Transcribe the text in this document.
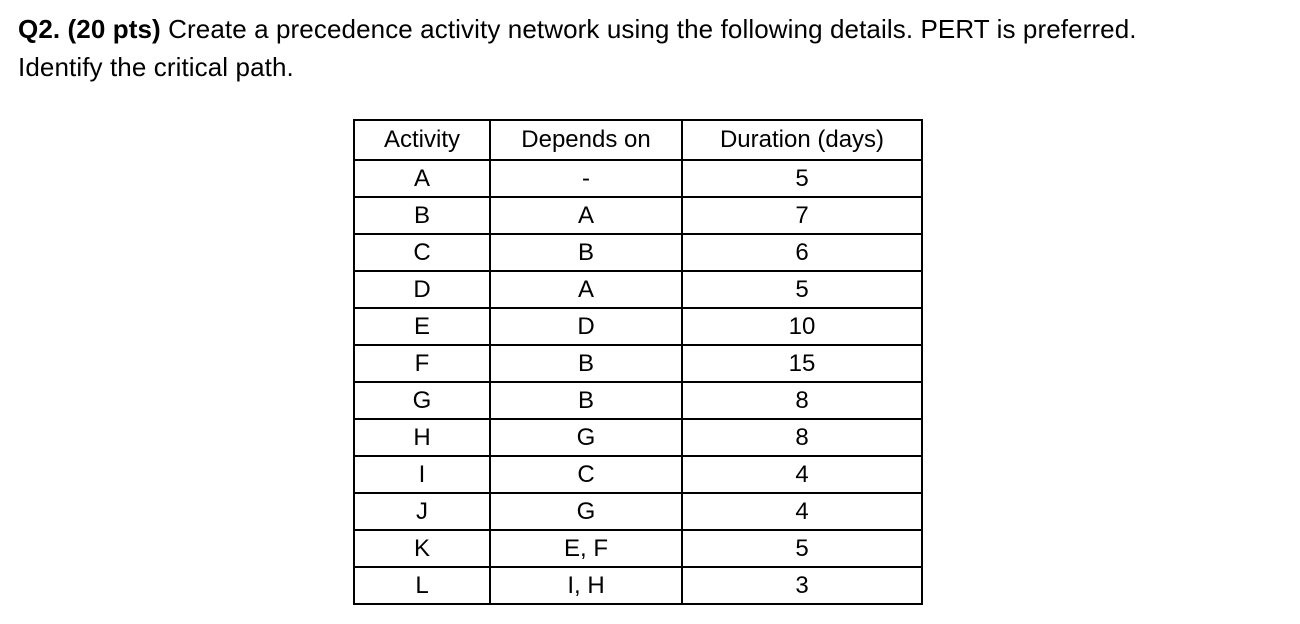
Q2. (20 pts) Create a precedence activity network using the following details. PERT is preferred.
Identify the critical path.
Activity	Depends on	Duration (days)
A	-	5
B	A	7
C	B	6
D	A	5
E	D	10
F	B	15
G	B	8
H	G	8
I	C	4
J	G	4
K	E, F	5
L	I, H	3
